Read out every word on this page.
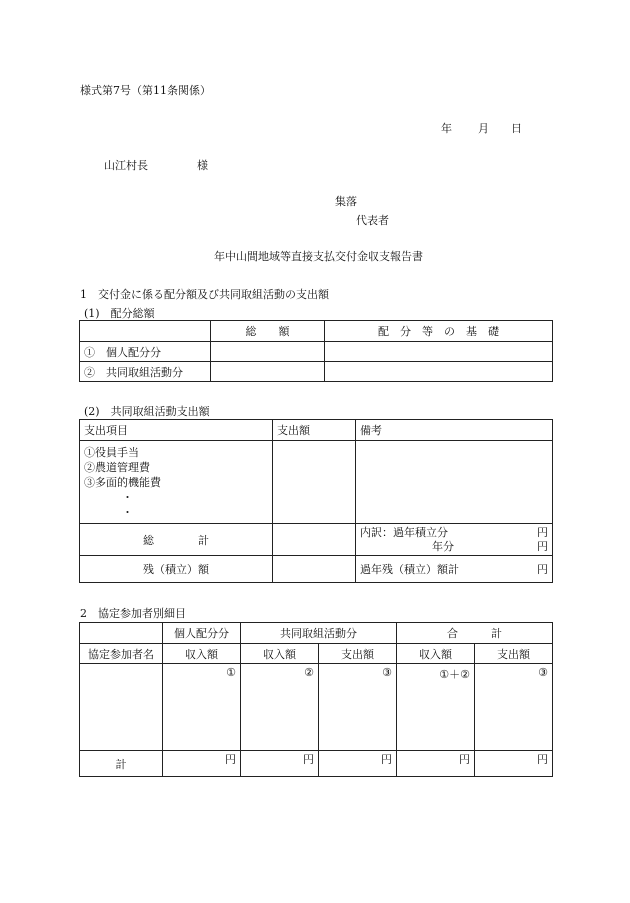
様式第7号（第11条関係）
年 月 日
山江村長	様
集落
代表者
年中山間地域等直接支払交付金収支報告書
1　交付金に係る配分額及び共同取組活動の支出額
(1)　配分総額
	総　　額	配　分　等　の　基　礎
①　個人配分分		
②　共同取組活動分		
(2)　共同取組活動支出額
支出項目	支出額	備考

①役員手当
②農道管理費
③多面的機能費
・
・		

総　　　　計		内訳：過年積立分 円
年分 円

残（積立）額		過年残（積立）額計 円
2　協定参加者別細目
	個人配分分	共同取組活動分		合　　　計	
協定参加者名	収入額	収入額	支出額	収入額	支出額
	①	②	③	①＋②	③
計	円	円	円	円	円
